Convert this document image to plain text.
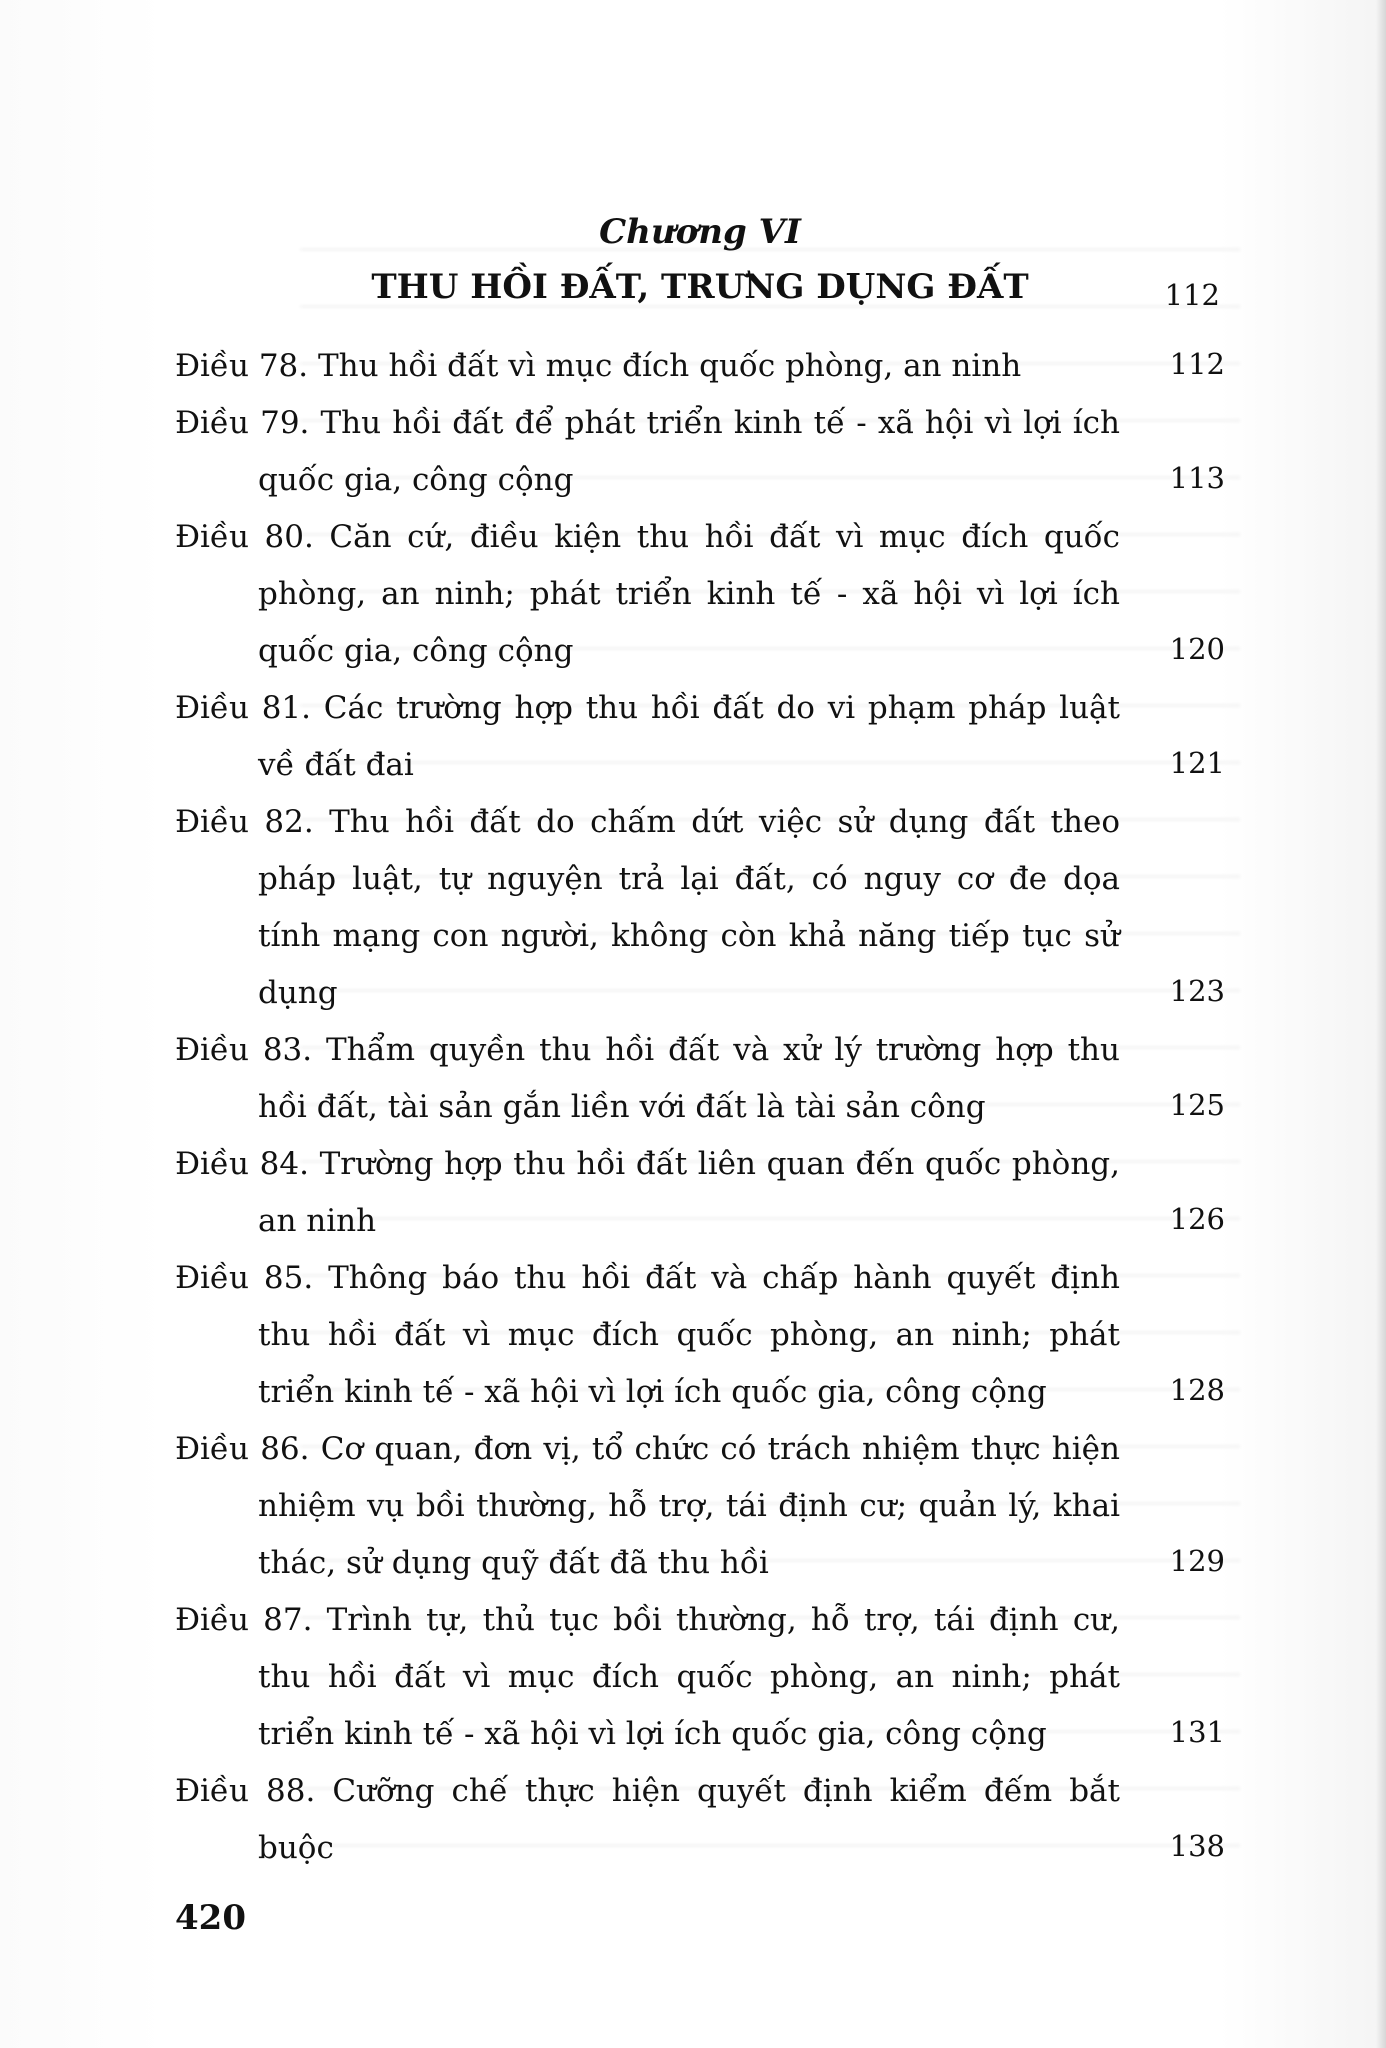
Chương VI
THU HỒI ĐẤT, TRƯNG DỤNG ĐẤT	112
Điều 78. Thu hồi đất vì mục đích quốc phòng, an ninh	112
Điều 79. Thu hồi đất để phát triển kinh tế - xã hội vì lợi ích quốc gia, công cộng	113
Điều 80. Căn cứ, điều kiện thu hồi đất vì mục đích quốc phòng, an ninh; phát triển kinh tế - xã hội vì lợi ích quốc gia, công cộng	120
Điều 81. Các trường hợp thu hồi đất do vi phạm pháp luật về đất đai	121
Điều 82. Thu hồi đất do chấm dứt việc sử dụng đất theo pháp luật, tự nguyện trả lại đất, có nguy cơ đe dọa tính mạng con người, không còn khả năng tiếp tục sử dụng	123
Điều 83. Thẩm quyền thu hồi đất và xử lý trường hợp thu hồi đất, tài sản gắn liền với đất là tài sản công	125
Điều 84. Trường hợp thu hồi đất liên quan đến quốc phòng, an ninh	126
Điều 85. Thông báo thu hồi đất và chấp hành quyết định thu hồi đất vì mục đích quốc phòng, an ninh; phát triển kinh tế - xã hội vì lợi ích quốc gia, công cộng	128
Điều 86. Cơ quan, đơn vị, tổ chức có trách nhiệm thực hiện nhiệm vụ bồi thường, hỗ trợ, tái định cư; quản lý, khai thác, sử dụng quỹ đất đã thu hồi	129
Điều 87. Trình tự, thủ tục bồi thường, hỗ trợ, tái định cư, thu hồi đất vì mục đích quốc phòng, an ninh; phát triển kinh tế - xã hội vì lợi ích quốc gia, công cộng	131
Điều 88. Cưỡng chế thực hiện quyết định kiểm đếm bắt buộc	138
420
